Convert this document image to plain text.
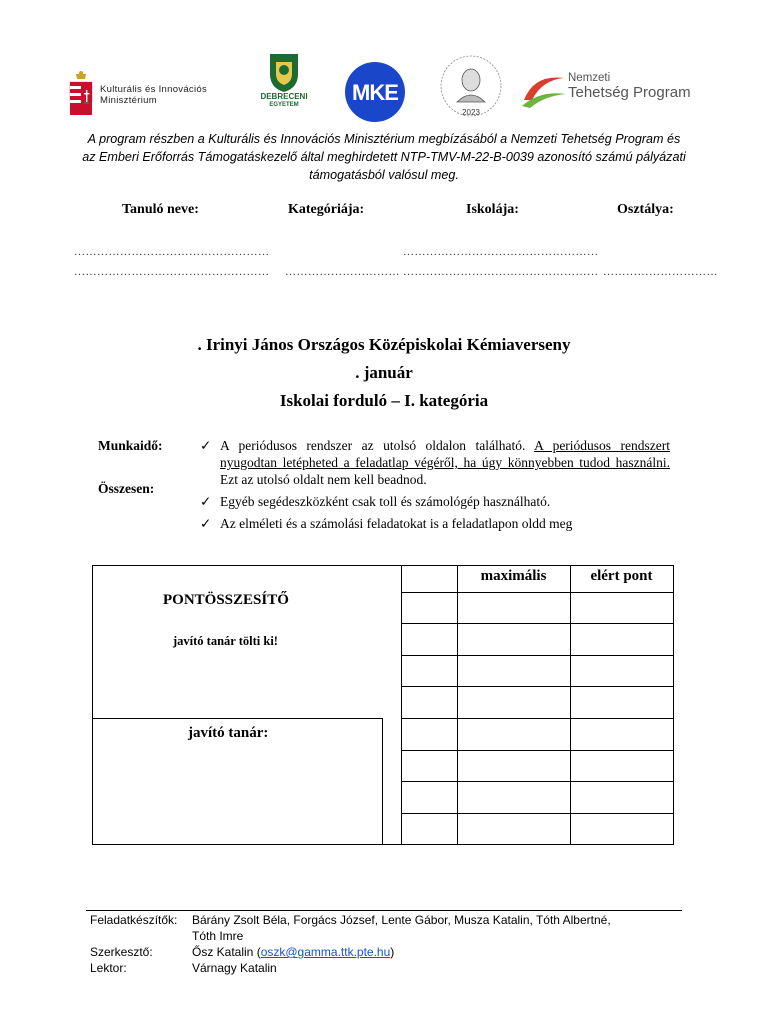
Kulturális és Innovációs Minisztérium	DEBRECENI
EGYETEM	MKE
2023
Nemzeti
Tehetség Program
A program részben a Kulturális és Innovációs Minisztérium megbízásából a Nemzeti Tehetség Program és az Emberi Erőforrás Támogatáskezelő által meghirdetett NTP-TMV-M-22-B-0039 azonosító számú pályázati támogatásból valósul meg.
Tanuló neve:	Kategóriája:	Iskolája:	Osztálya:
……………………………………………
…………………………………………… …………………………
……………………………………………
…………………………………………… …………………………
. Irinyi János Országos Középiskolai Kémiaverseny
. január
Iskolai forduló – I. kategória
Munkaidő:
Összesen:
✓ A periódusos rendszer az utolsó oldalon található. A periódusos rendszert nyugodtan letépheted a feladatlap végéről, ha úgy könnyebben tudod használni. Ezt az utolsó oldalt nem kell beadnod.
✓ Egyéb segédeszközként csak toll és számológép használható.
✓ Az elméleti és a számolási feladatokat is a feladatlapon oldd meg
PONTÖSSZESÍTŐ
javító tanár tölti ki!
javító tanár:
maximális	elért pont
Feladatkészítők: Bárány Zsolt Béla, Forgács József, Lente Gábor, Musza Katalin, Tóth Albertné,
Tóth Imre
Szerkesztő:	Ősz Katalin (oszk@gamma.ttk.pte.hu)
Lektor:	Várnagy Katalin
